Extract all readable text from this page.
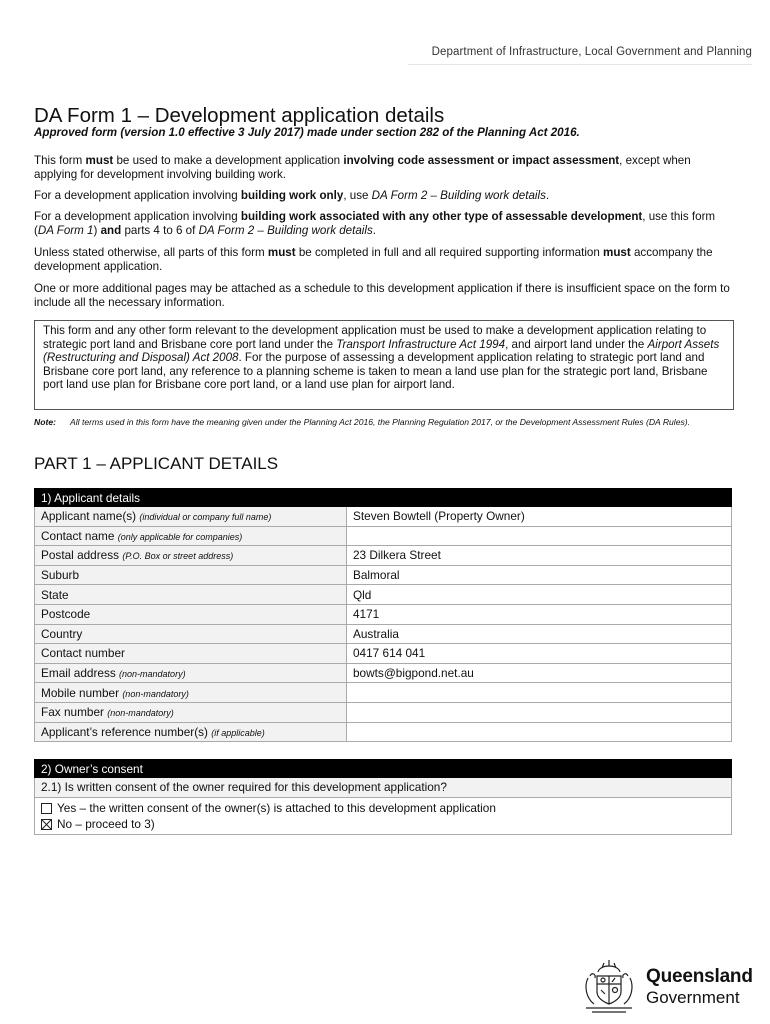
Department of Infrastructure, Local Government and Planning
DA Form 1 – Development application details
Approved form (version 1.0 effective 3 July 2017) made under section 282 of the Planning Act 2016.
This form must be used to make a development application involving code assessment or impact assessment, except when applying for development involving building work.
For a development application involving building work only, use DA Form 2 – Building work details.
For a development application involving building work associated with any other type of assessable development, use this form (DA Form 1) and parts 4 to 6 of DA Form 2 – Building work details.
Unless stated otherwise, all parts of this form must be completed in full and all required supporting information must accompany the development application.
One or more additional pages may be attached as a schedule to this development application if there is insufficient space on the form to include all the necessary information.
This form and any other form relevant to the development application must be used to make a development application relating to strategic port land and Brisbane core port land under the Transport Infrastructure Act 1994, and airport land under the Airport Assets (Restructuring and Disposal) Act 2008. For the purpose of assessing a development application relating to strategic port land and Brisbane core port land, any reference to a planning scheme is taken to mean a land use plan for the strategic port land, Brisbane port land use plan for Brisbane core port land, or a land use plan for airport land.
Note:	All terms used in this form have the meaning given under the Planning Act 2016, the Planning Regulation 2017, or the Development Assessment Rules (DA Rules).
PART 1 – APPLICANT DETAILS
1) Applicant details	
Applicant name(s) (individual or company full name)	Steven Bowtell (Property Owner)
Contact name (only applicable for companies)	
Postal address (P.O. Box or street address)	23 Dilkera Street
Suburb	Balmoral
State	Qld
Postcode	4171
Country	Australia
Contact number	0417 614 041
Email address (non-mandatory)	bowts@bigpond.net.au
Mobile number (non-mandatory)	
Fax number (non-mandatory)	
Applicant’s reference number(s) (if applicable)	
2) Owner’s consent
2.1) Is written consent of the owner required for this development application?

Yes – the written consent of the owner(s) is attached to this development application
No – proceed to 3)
Queensland
Government
